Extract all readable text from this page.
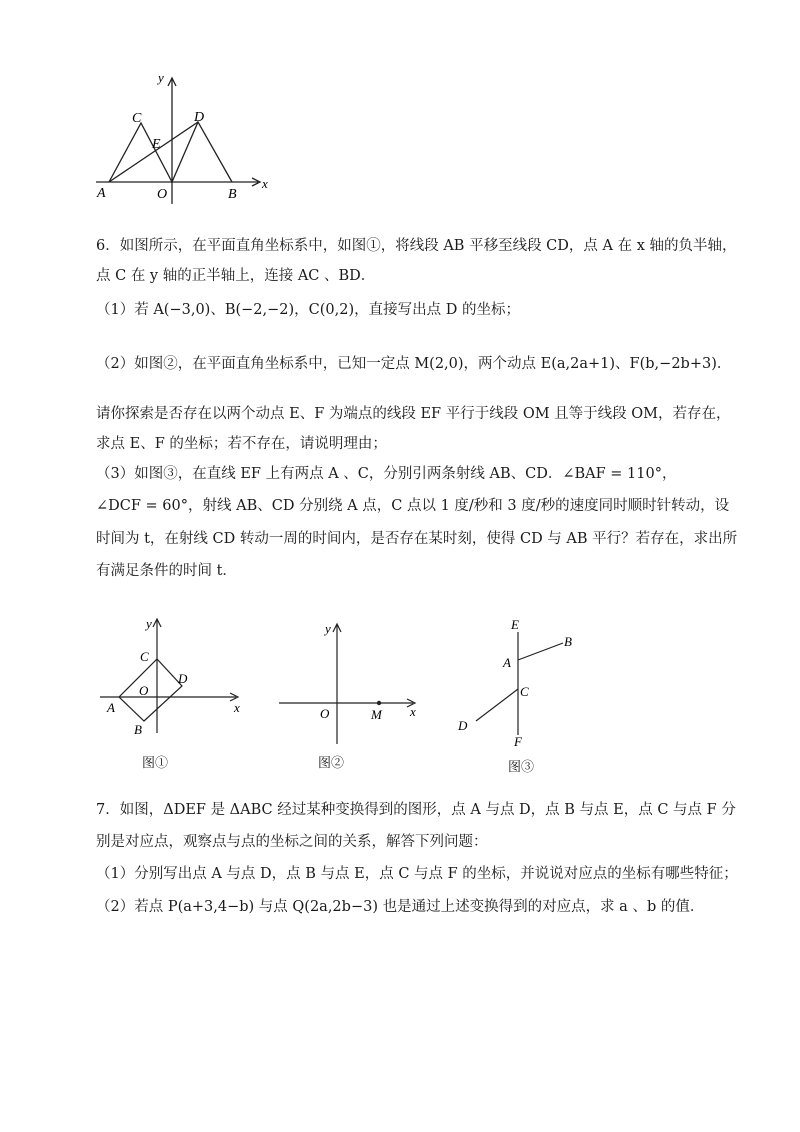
y
x
C	D
E
A	O	B
6．如图所示，在平面直角坐标系中，如图①，将线段 AB 平移至线段 CD，点 A 在 x 轴的负半轴，
点 C 在 y 轴的正半轴上，连接 AC 、BD．
（1）若 A(−3,0)、B(−2,−2)，C(0,2)，直接写出点 D 的坐标；
（2）如图②，在平面直角坐标系中，已知一定点 M(2,0)，两个动点 E(a,2a+1)、F(b,−2b+3)．
请你探索是否存在以两个动点 E、F 为端点的线段 EF 平行于线段 OM 且等于线段 OM，若存在，
求点 E、F 的坐标；若不存在，请说明理由；
（3）如图③，在直线 EF 上有两点 A 、C，分别引两条射线 AB、CD．∠BAF = 110°，
∠DCF = 60°，射线 AB、CD 分别绕 A 点，C 点以 1 度/秒和 3 度/秒的速度同时顺时针转动，设
时间为 t，在射线 CD 转动一周的时间内，是否存在某时刻，使得 CD 与 AB 平行？若存在，求出所
有满足条件的时间 t．
y
x
C
D
O
A
B
y
x
O	M
E
B
A
C
D
F
图①	图②	图③
7．如图，ΔDEF 是 ΔABC 经过某种变换得到的图形，点 A 与点 D，点 B 与点 E，点 C 与点 F 分
别是对应点，观察点与点的坐标之间的关系，解答下列问题：
（1）分别写出点 A 与点 D，点 B 与点 E，点 C 与点 F 的坐标，并说说对应点的坐标有哪些特征；
（2）若点 P(a+3,4−b) 与点 Q(2a,2b−3) 也是通过上述变换得到的对应点，求 a 、b 的值．
